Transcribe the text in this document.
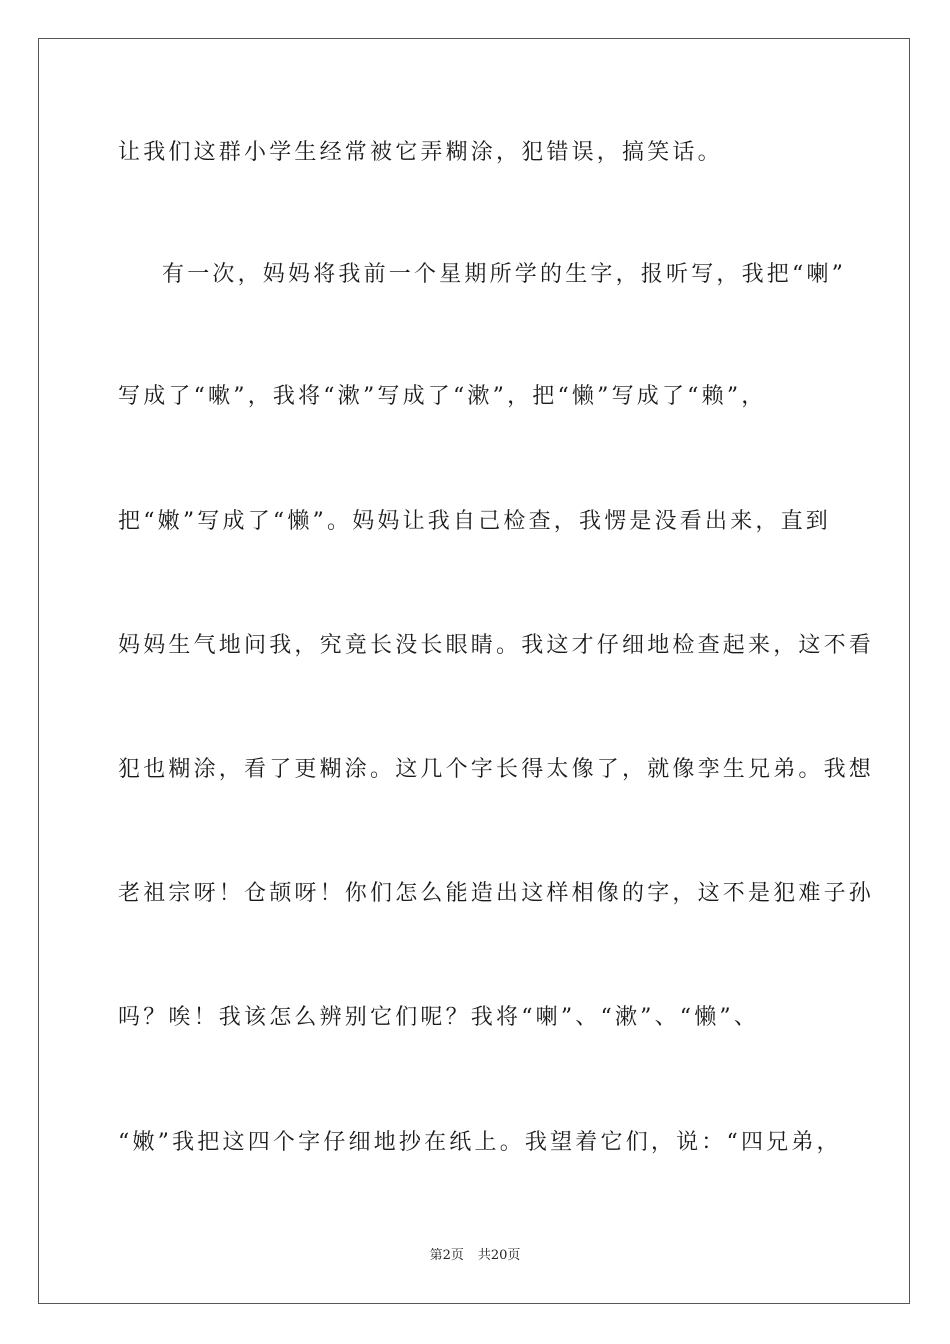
让我们这群小学生经常被它弄糊涂，犯错误，搞笑话。
有一次，妈妈将我前一个星期所学的生字，报听写，我把“喇”
写成了“嗽”，我将“漱”写成了“漱”，把“懒”写成了“赖”，
把“嫩”写成了“懒”。妈妈让我自己检查，我愣是没看出来，直到
妈妈生气地问我，究竟长没长眼睛。我这才仔细地检查起来，这不看
犯也糊涂，看了更糊涂。这几个字长得太像了，就像孪生兄弟。我想
老祖宗呀！仓颉呀！你们怎么能造出这样相像的字，这不是犯难子孙
吗？唉！我该怎么辨别它们呢？我将“喇”、“漱”、“懒”、
“嫩”我把这四个字仔细地抄在纸上。我望着它们，说：“四兄弟，
第2页 共20页
